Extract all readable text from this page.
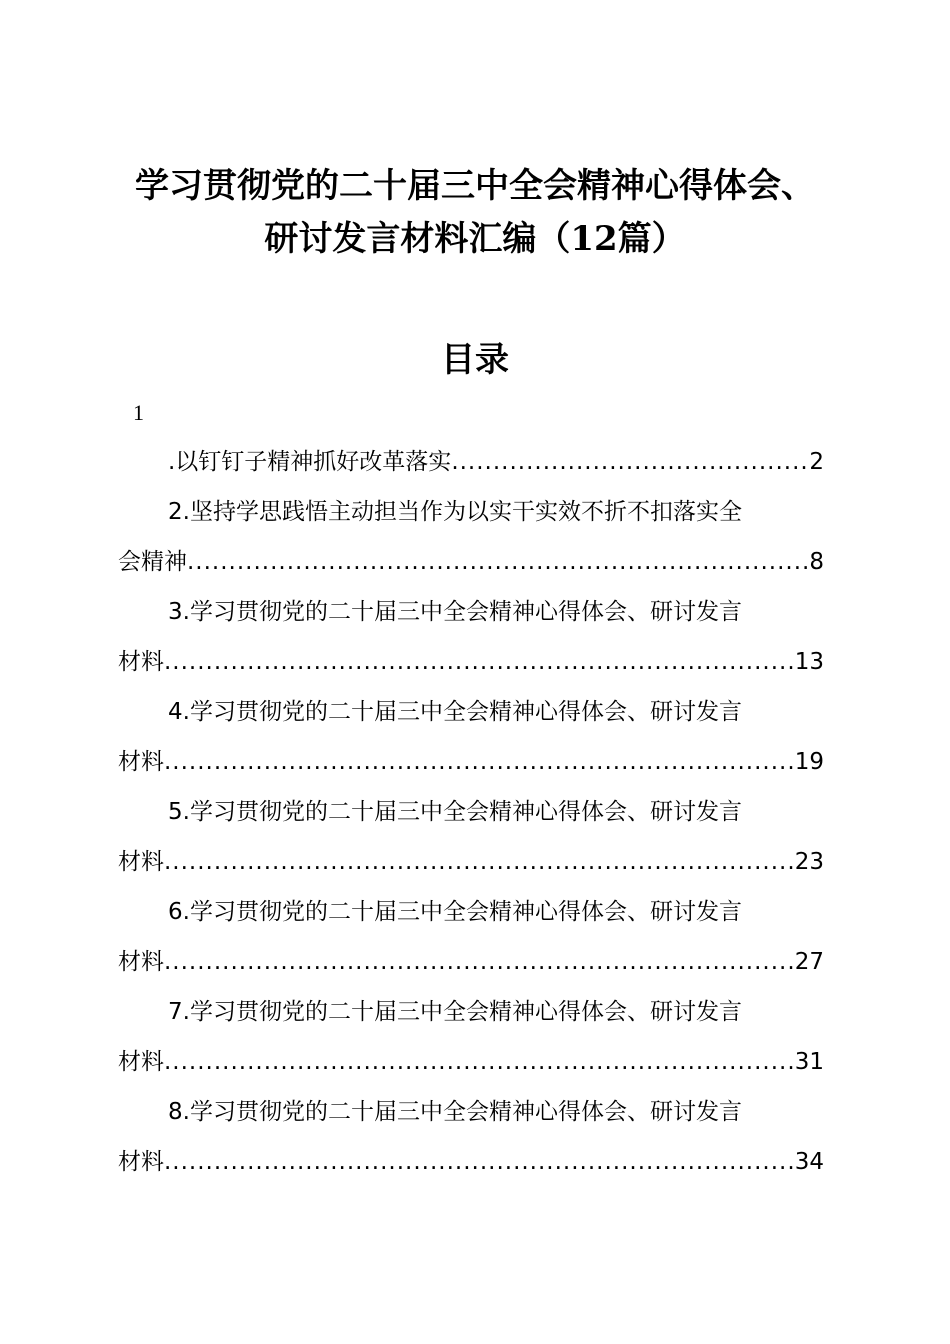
学习贯彻党的二十届三中全会精神心得体会、
研讨发言材料汇编（12篇）
目录
1
.以钉钉子精神抓好改革落实 .....	2
2.坚持学思践悟主动担当作为以实干实效不折不扣落实全
会精神 .....	8
3.学习贯彻党的二十届三中全会精神心得体会、研讨发言
材料 .....	13
4.学习贯彻党的二十届三中全会精神心得体会、研讨发言
材料 .....	19
5.学习贯彻党的二十届三中全会精神心得体会、研讨发言
材料 .....	23
6.学习贯彻党的二十届三中全会精神心得体会、研讨发言
材料 .....	27
7.学习贯彻党的二十届三中全会精神心得体会、研讨发言
材料 .....	31
8.学习贯彻党的二十届三中全会精神心得体会、研讨发言
材料 .....	34
